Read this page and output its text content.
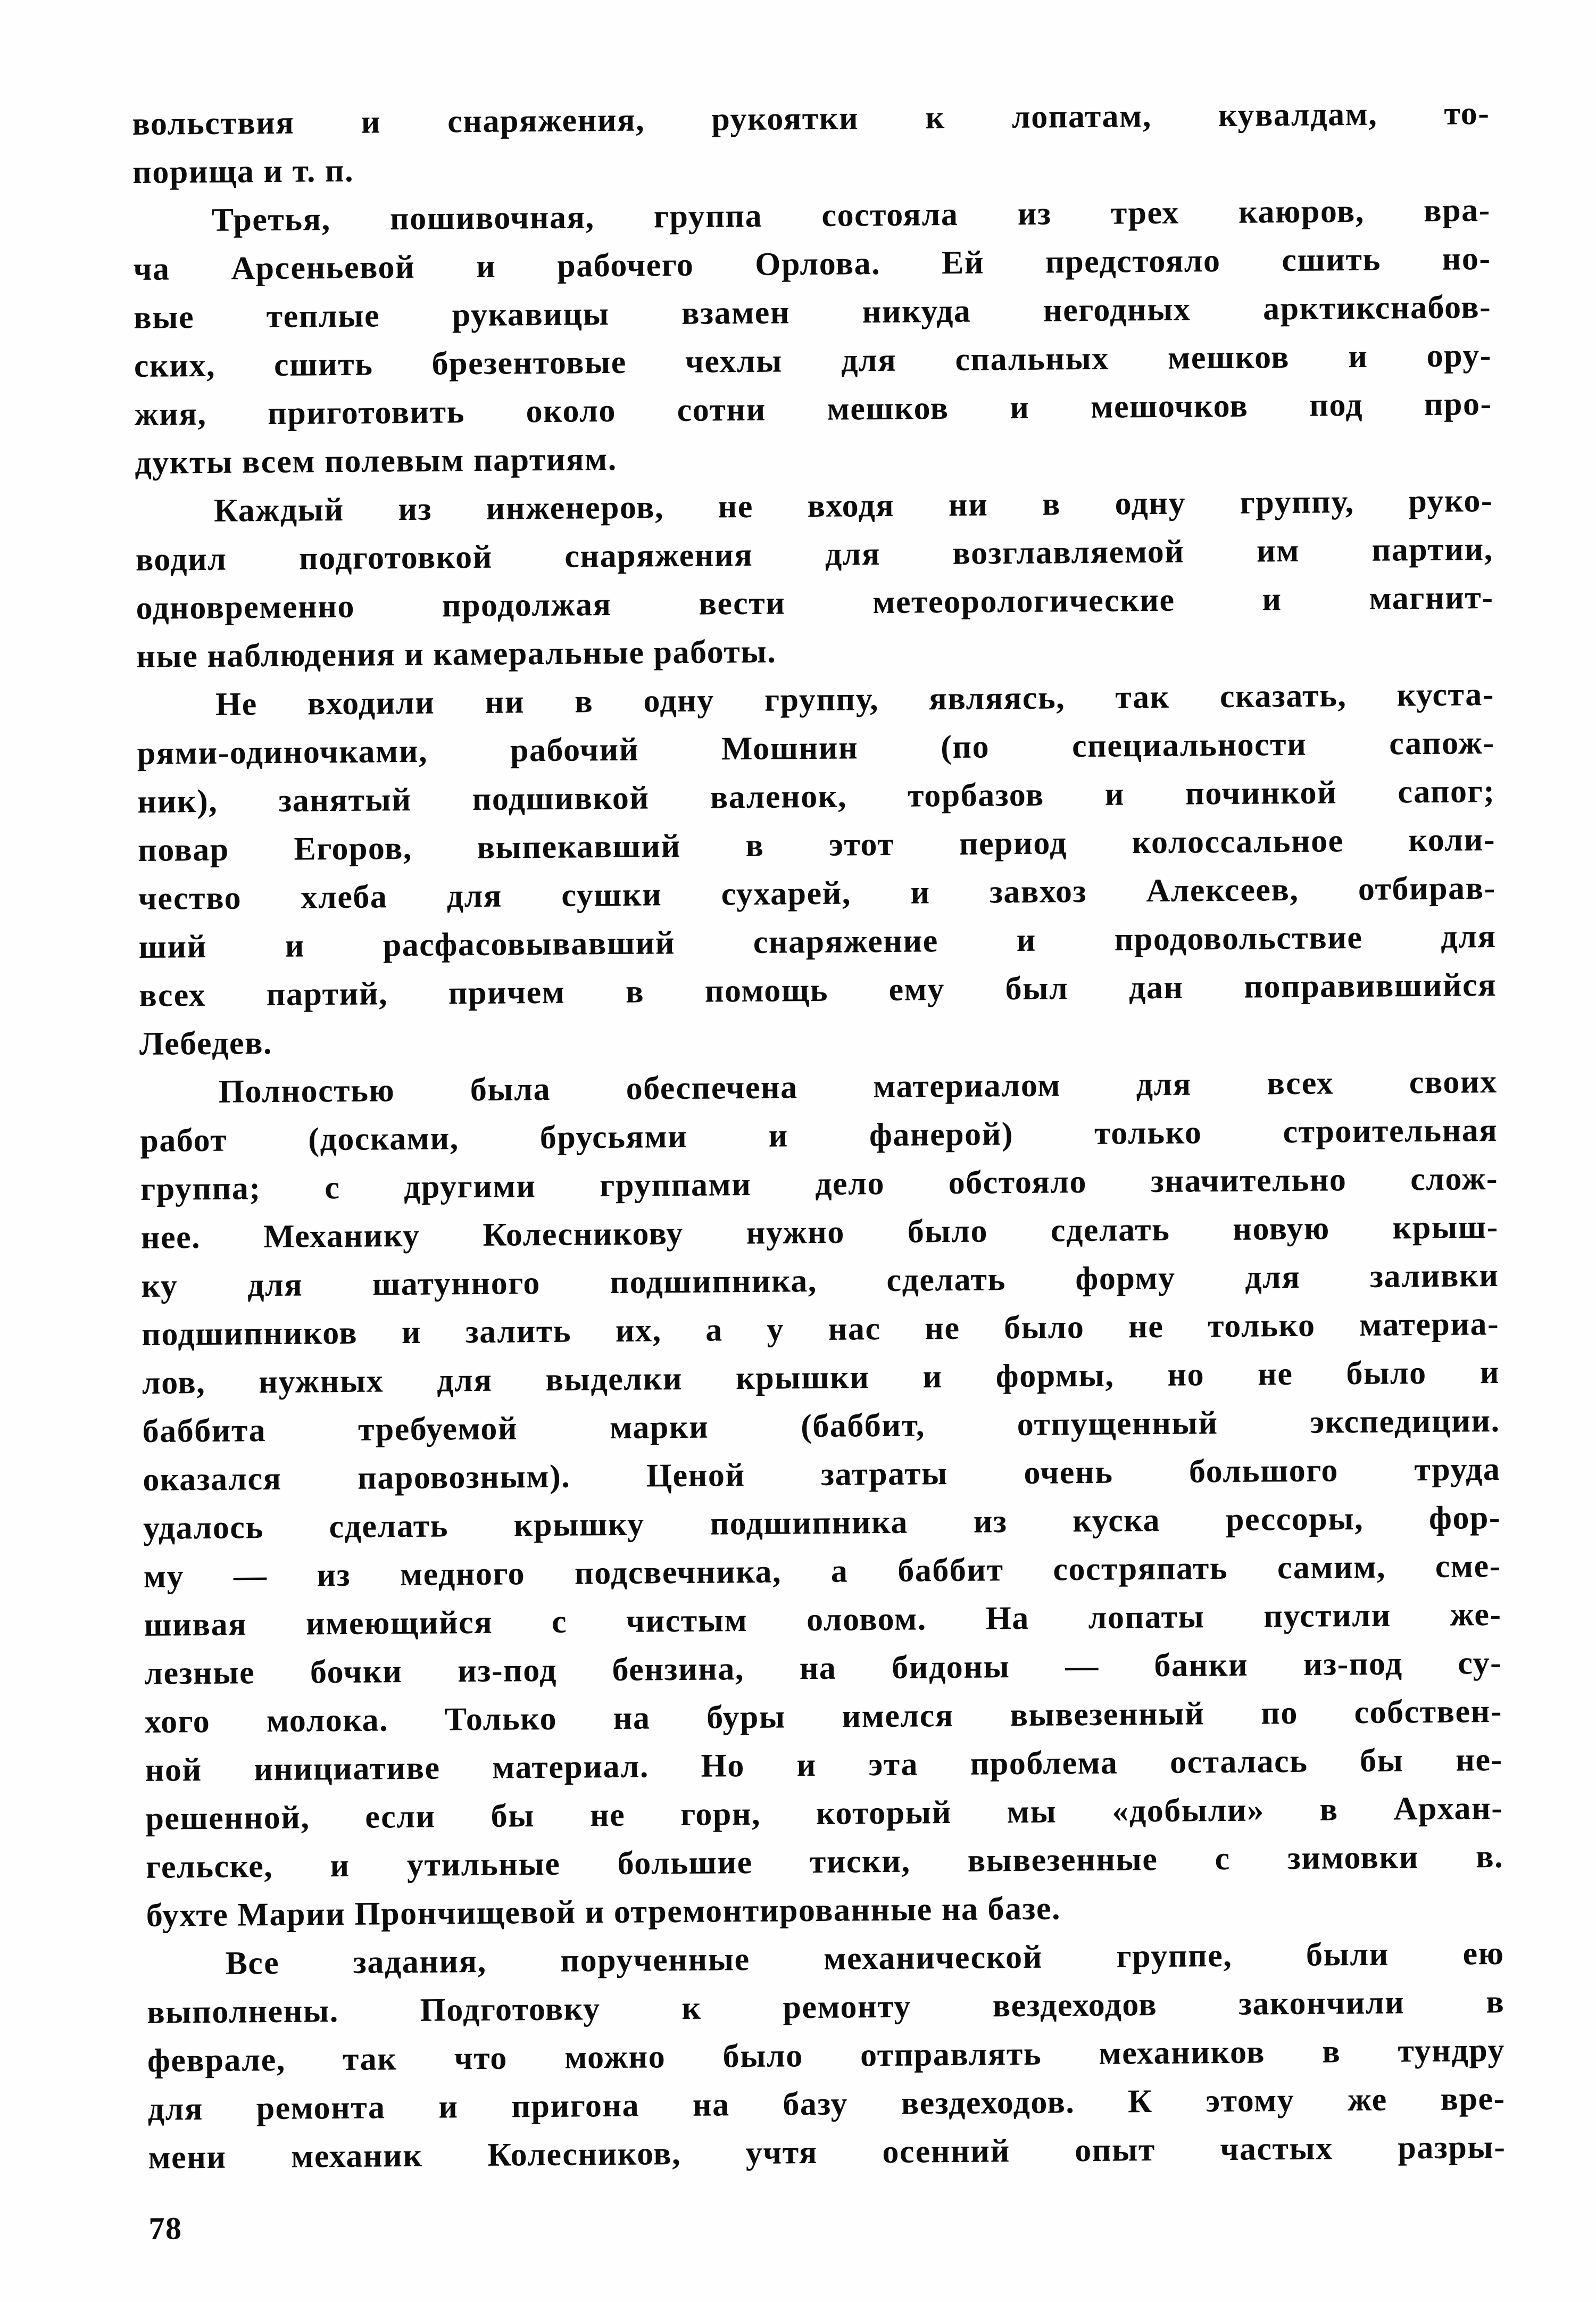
вольствия и снаряжения, рукоятки к лопатам, кувалдам, то-
порища и т. п.
Третья, пошивочная, группа состояла из трех каюров, вра-
ча Арсеньевой и рабочего Орлова. Ей предстояло сшить но-
вые теплые рукавицы взамен никуда негодных арктикснабов-
ских, сшить брезентовые чехлы для спальных мешков и ору-
жия, приготовить около сотни мешков и мешочков под про-
дукты всем полевым партиям.
Каждый из инженеров, не входя ни в одну группу, руко-
водил подготовкой снаряжения для возглавляемой им партии,
одновременно продолжая вести метеорологические и магнит-
ные наблюдения и камеральные работы.
Не входили ни в одну группу, являясь, так сказать, куста-
рями-одиночками, рабочий Мошнин (по специальности сапож-
ник), занятый подшивкой валенок, торбазов и починкой сапог;
повар Егоров, выпекавший в этот период колоссальное коли-
чество хлеба для сушки сухарей, и завхоз Алексеев, отбирав-
ший и расфасовывавший снаряжение и продовольствие для
всех партий, причем в помощь ему был дан поправившийся
Лебедев.
Полностью была обеспечена материалом для всех своих
работ (досками, брусьями и фанерой) только строительная
группа; с другими группами дело обстояло значительно слож-
нее. Механику Колесникову нужно было сделать новую крыш-
ку для шатунного подшипника, сделать форму для заливки
подшипников и залить их, а у нас не было не только материа-
лов, нужных для выделки крышки и формы, но не было и
баббита требуемой марки (баббит, отпущенный экспедиции.
оказался паровозным). Ценой затраты очень большого труда
удалось сделать крышку подшипника из куска рессоры, фор-
му — из медного подсвечника, а баббит состряпать самим, сме-
шивая имеющийся с чистым оловом. На лопаты пустили же-
лезные бочки из-под бензина, на бидоны — банки из-под су-
хого молока. Только на буры имелся вывезенный по собствен-
ной инициативе материал. Но и эта проблема осталась бы не-
решенной, если бы не горн, который мы «добыли» в Архан-
гельске, и утильные большие тиски, вывезенные с зимовки в.
бухте Марии Прончищевой и отремонтированные на базе.
Все задания, порученные механической группе, были ею
выполнены. Подготовку к ремонту вездеходов закончили в
феврале, так что можно было отправлять механиков в тундру
для ремонта и пригона на базу вездеходов. К этому же вре-
мени механик Колесников, учтя осенний опыт частых разры-
78
